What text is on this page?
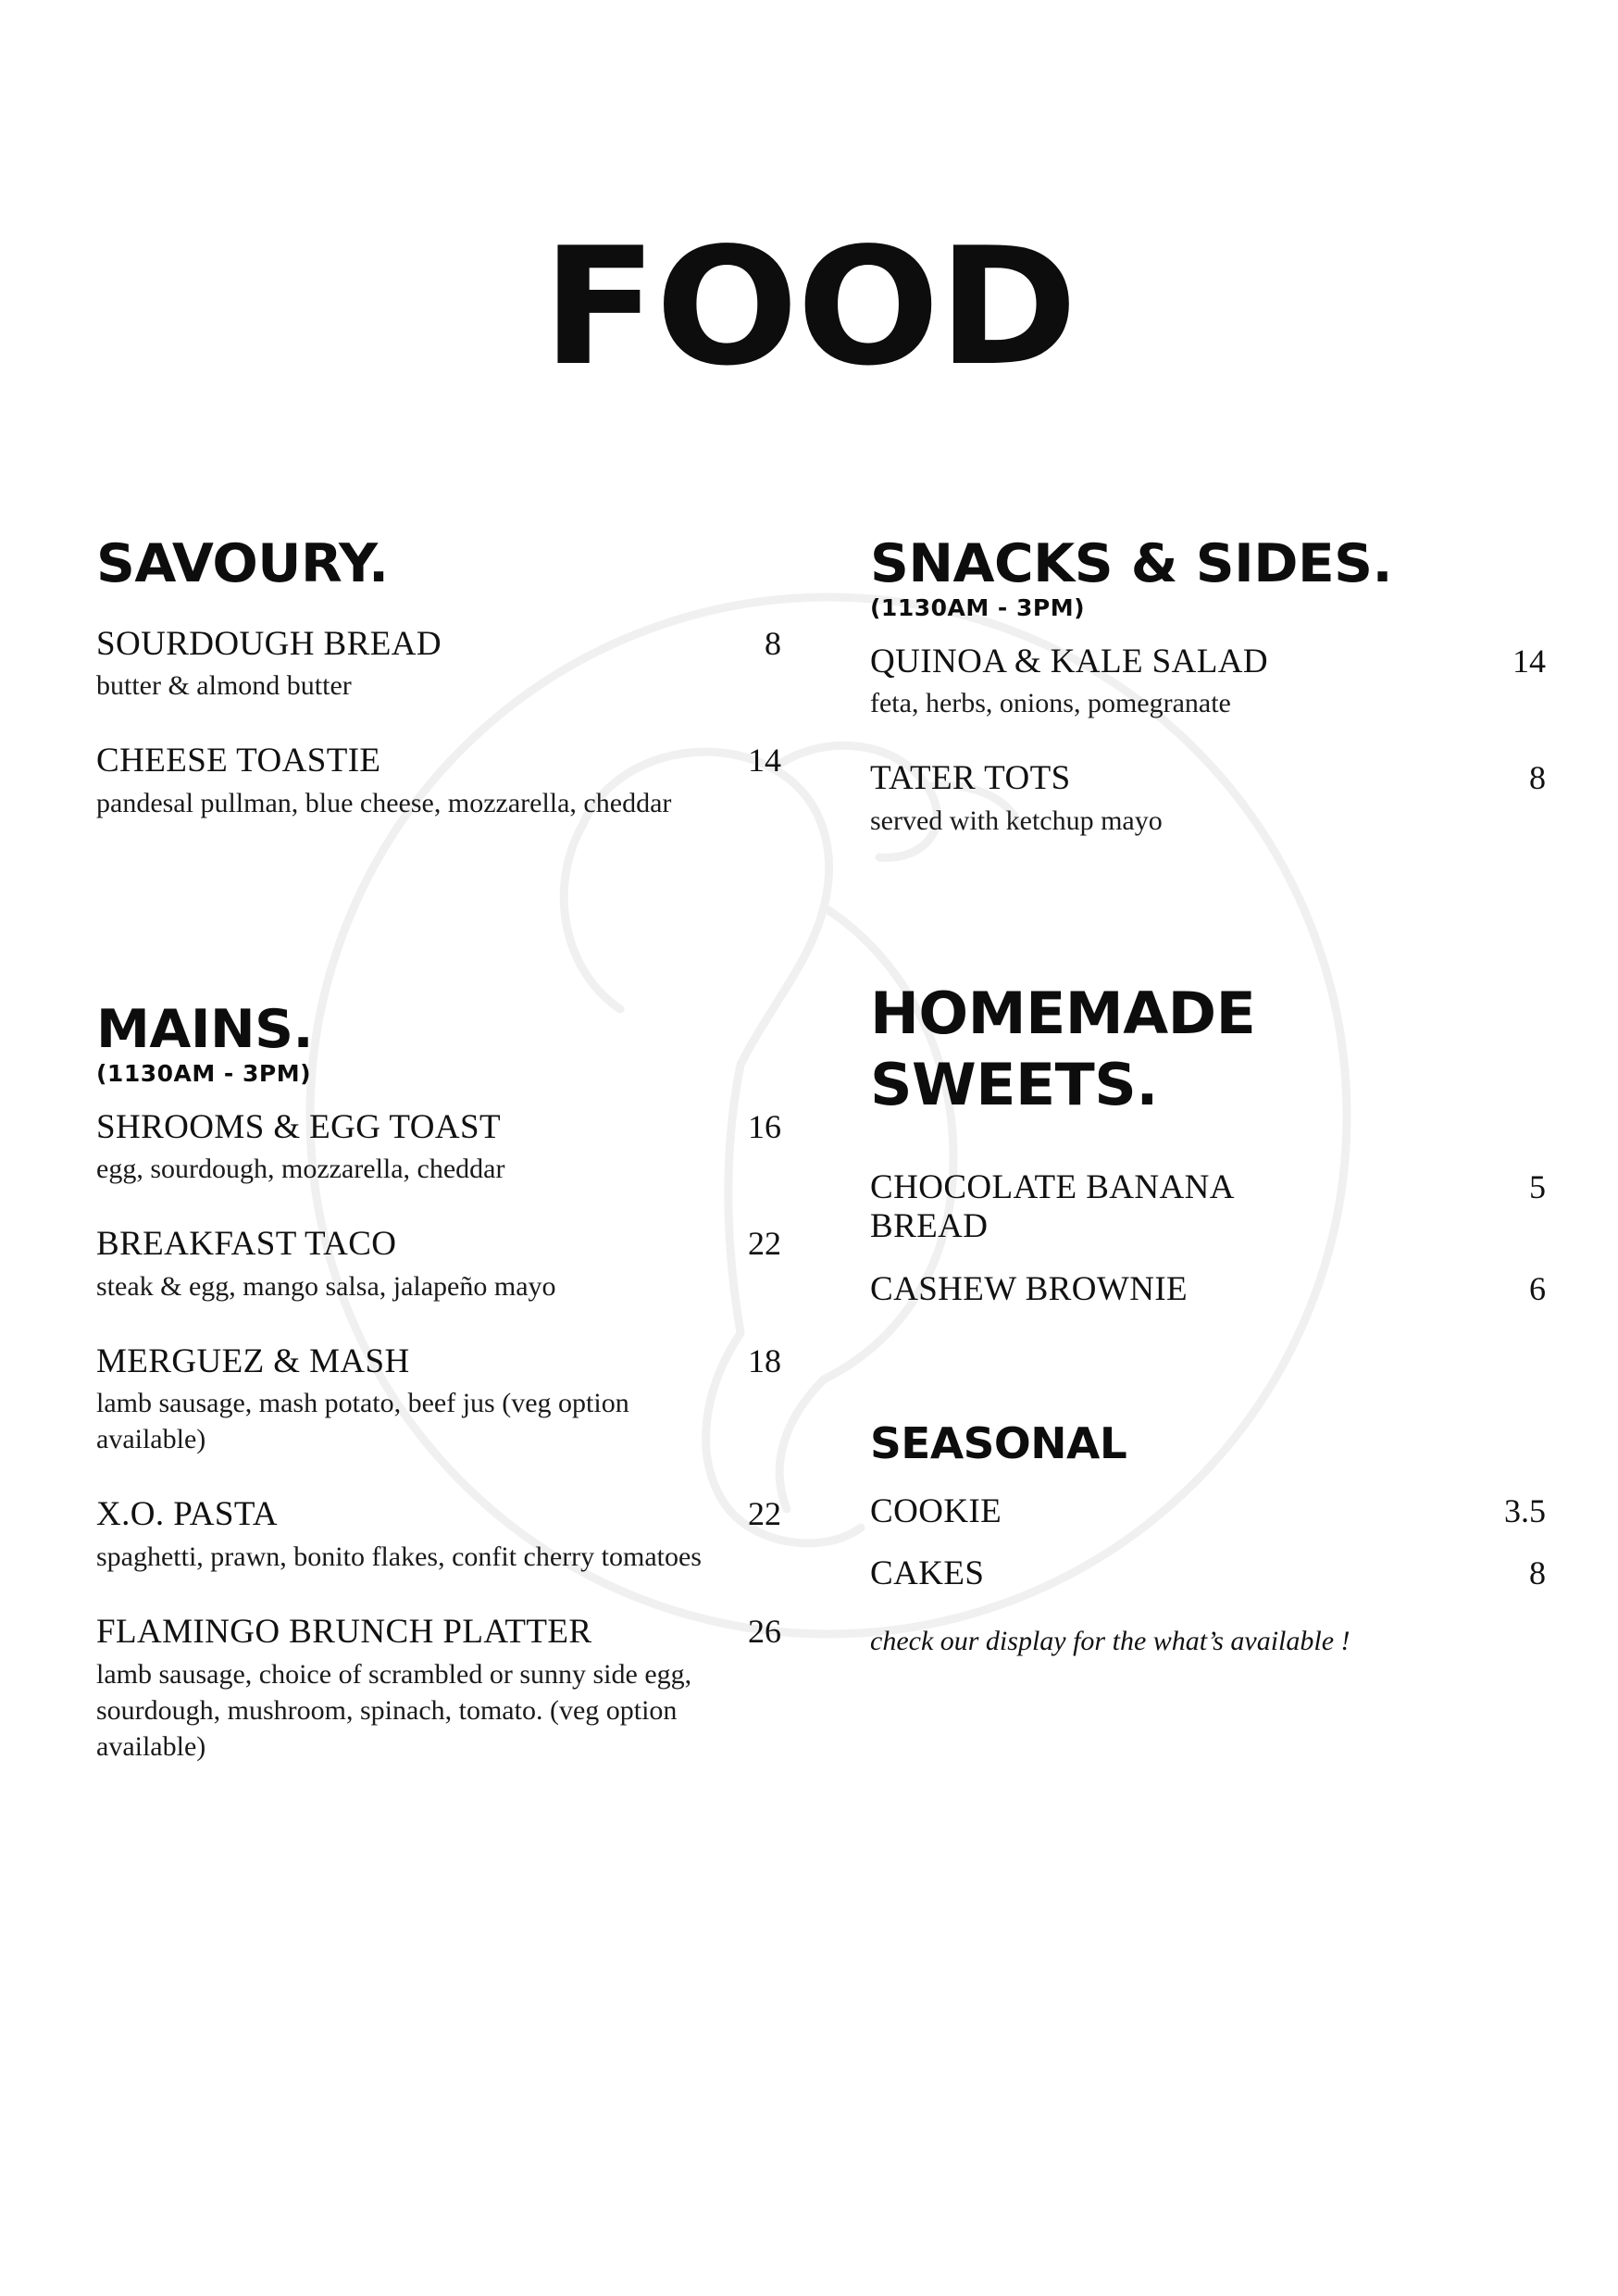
FOOD
SAVOURY.
SOURDOUGH BREAD	8
butter & almond butter
CHEESE TOASTIE	14
pandesal pullman, blue cheese, mozzarella, cheddar
MAINS.
(1130AM - 3PM)
SHROOMS & EGG TOAST	16
egg, sourdough, mozzarella, cheddar
BREAKFAST TACO	22
steak & egg, mango salsa, jalapeño mayo
MERGUEZ & MASH	18
lamb sausage, mash potato, beef jus (veg option available)
X.O. PASTA	22
spaghetti, prawn, bonito flakes, confit cherry tomatoes
FLAMINGO BRUNCH PLATTER	26
lamb sausage, choice of scrambled or sunny side egg, sourdough, mushroom, spinach, tomato. (veg option available)
SNACKS & SIDES.
(1130AM - 3PM)
QUINOA & KALE SALAD	14
feta, herbs, onions, pomegranate
TATER TOTS	8
served with ketchup mayo
HOMEMADE SWEETS.
CHOCOLATE BANANA BREAD
5
CASHEW BROWNIE	6
SEASONAL
COOKIE	3.5
CAKES	8
check our display for the what’s available !
